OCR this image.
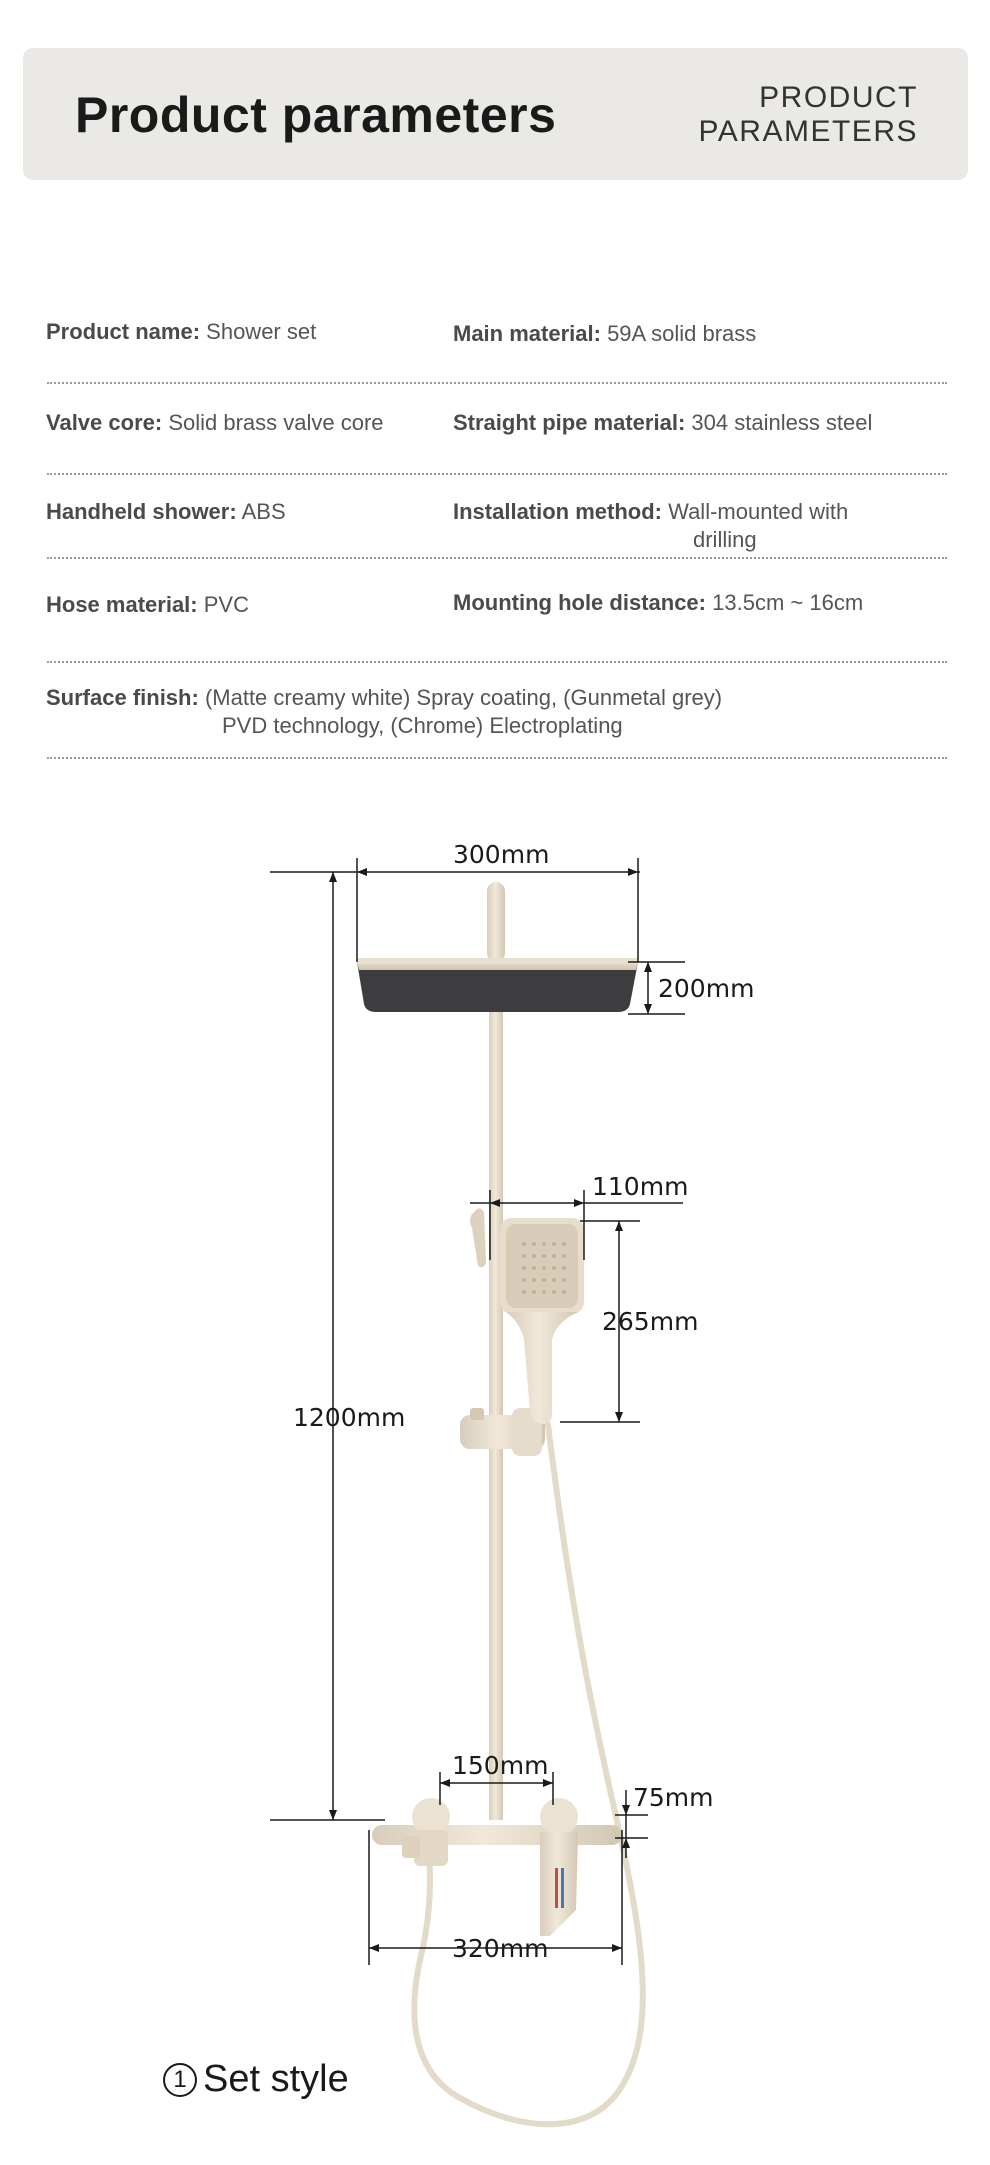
Product parameters	PRODUCT
PARAMETERS
Product name: Shower set	Main material: 59A solid brass
Valve core: Solid brass valve core	Straight pipe material: 304 stainless steel
Handheld shower: ABS	Installation method: Wall-mounted with
drilling
Hose material: PVC	Mounting hole distance: 13.5cm ~ 16cm
Surface finish: (Matte creamy white) Spray coating, (Gunmetal grey)
PVD technology, (Chrome) Electroplating
300mm
200mm
110mm
265mm
1200mm
150mm
75mm
320mm
1 Set style
